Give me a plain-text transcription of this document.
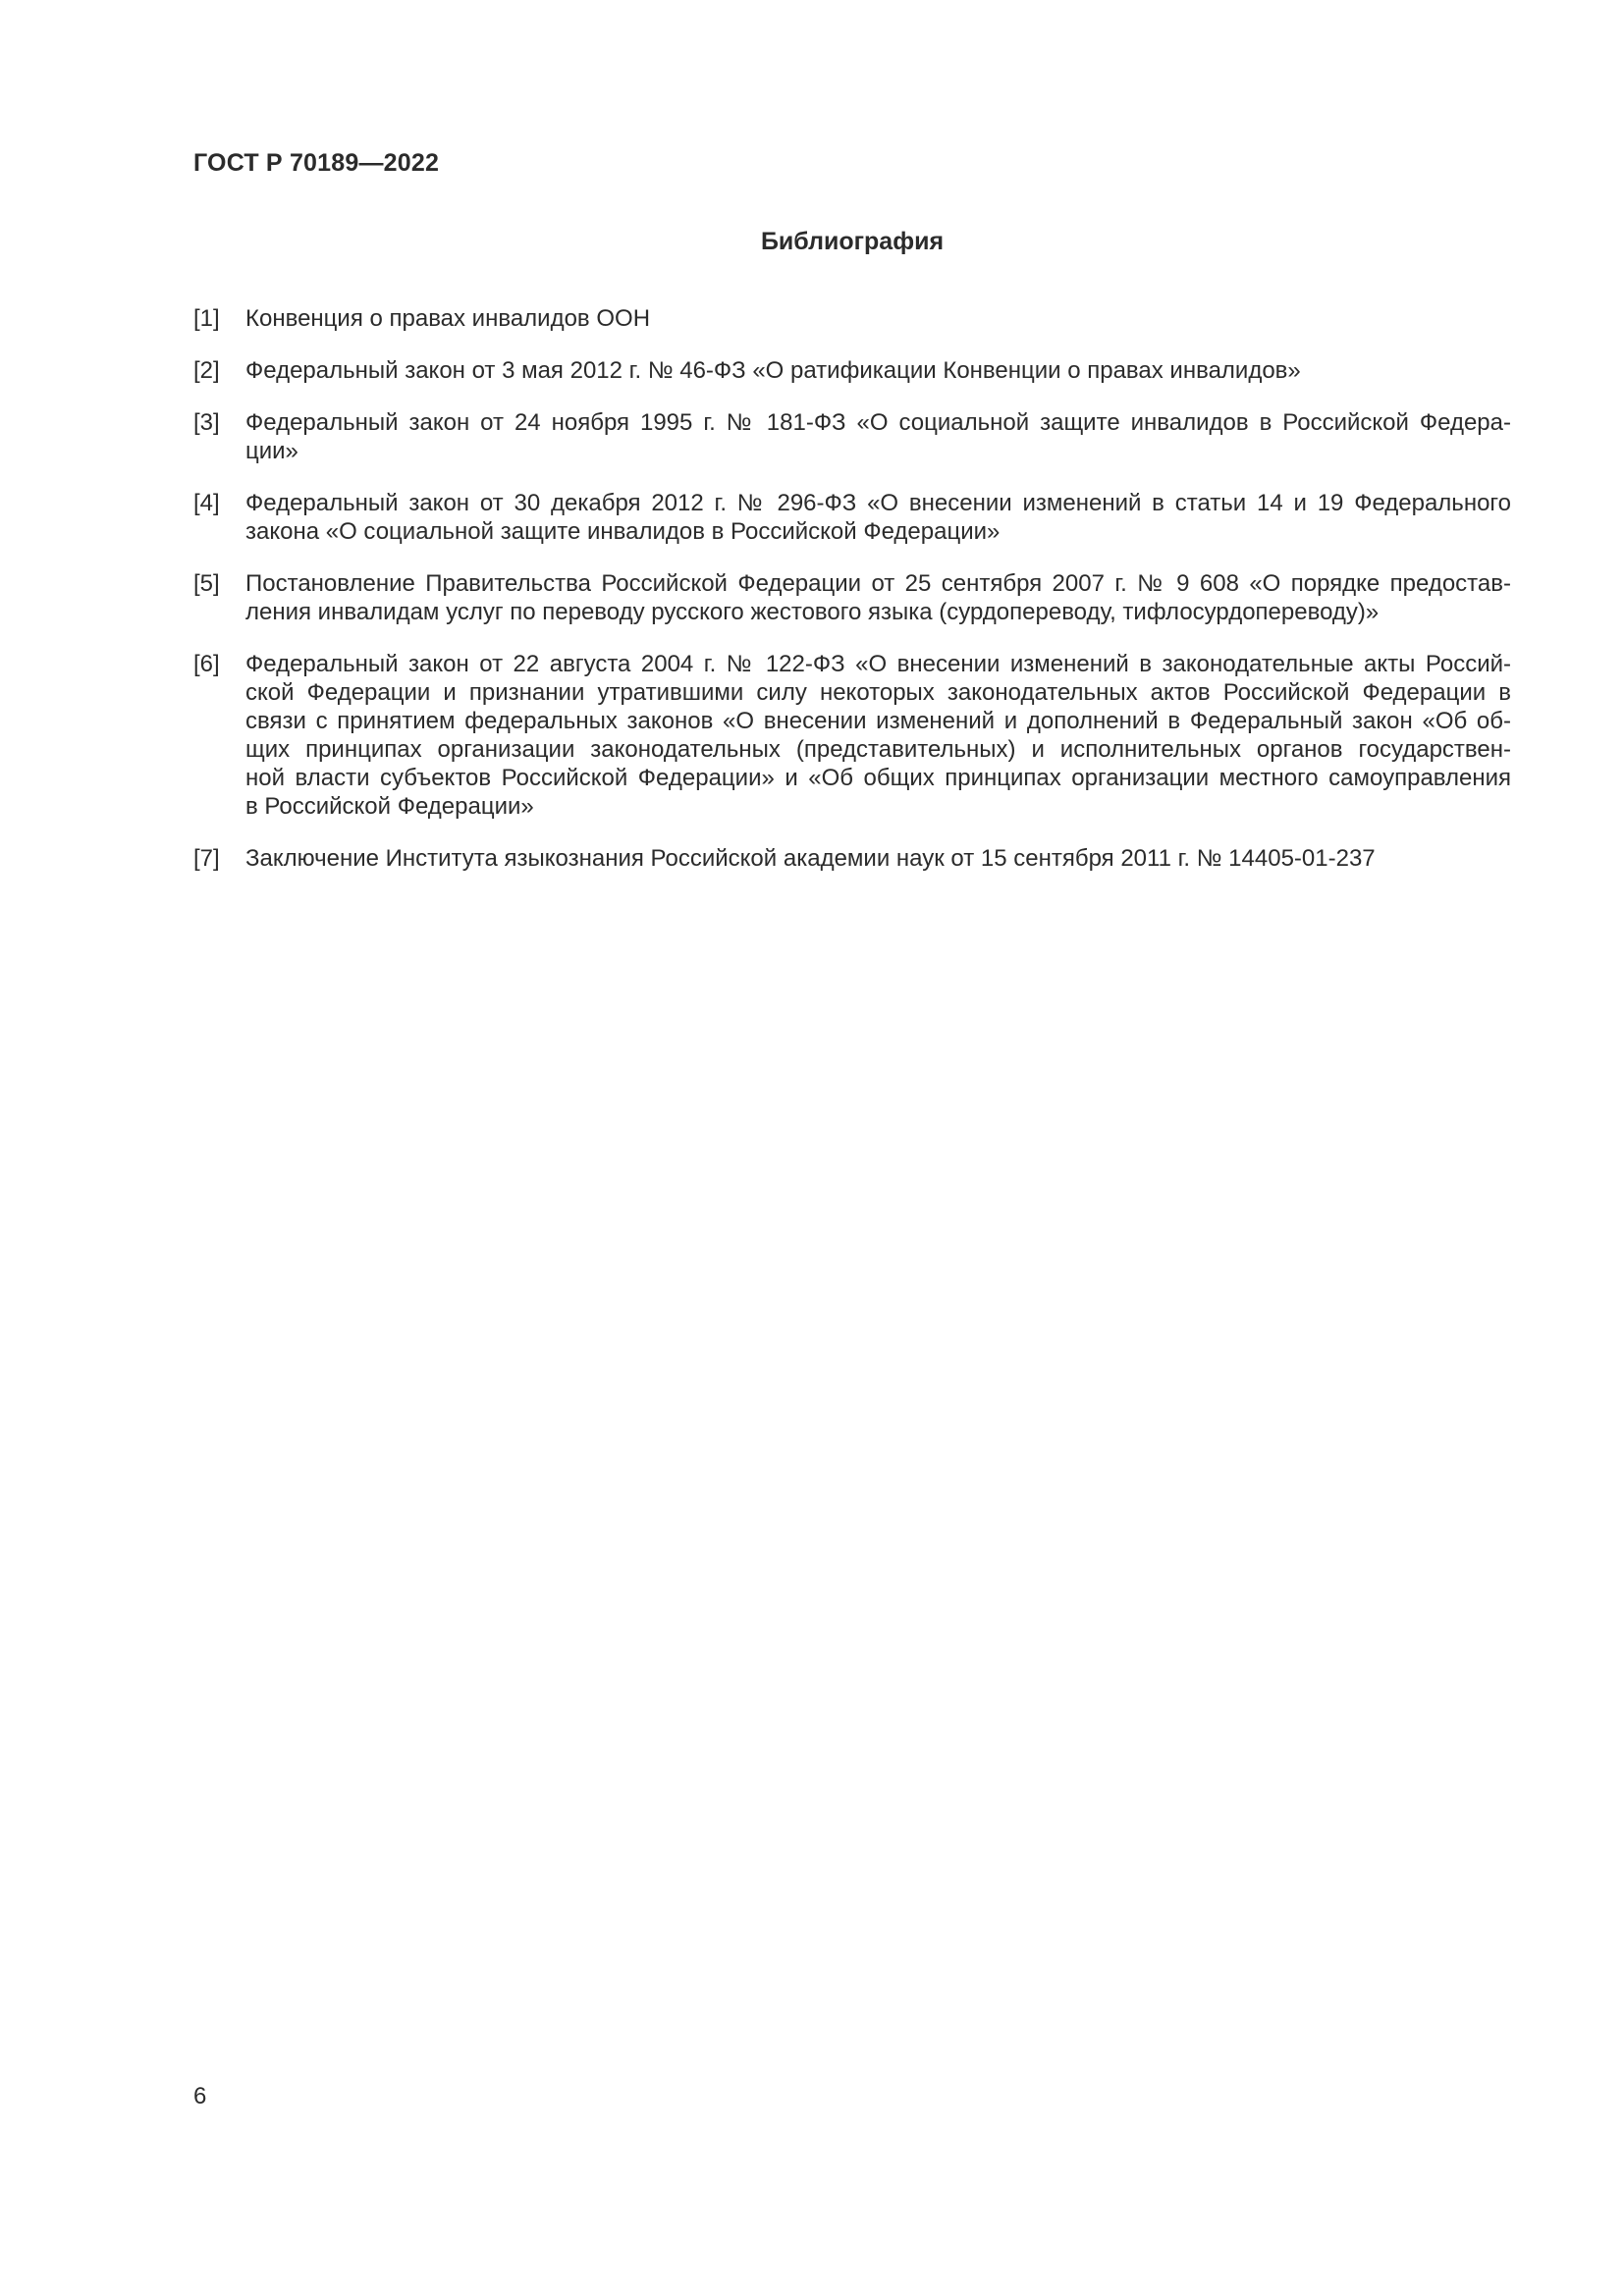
ГОСТ Р 70189—2022
Библиография
[1]	Конвенция о правах инвалидов ООН
[2]	Федеральный закон от 3 мая 2012 г. № 46-ФЗ «О ратификации Конвенции о правах инвалидов»
[3]	Федеральный закон от 24 ноября 1995 г. № 181-ФЗ «О социальной защите инвалидов в Российской Федера-
ции»
[4]	Федеральный закон от 30 декабря 2012 г. № 296-ФЗ «О внесении изменений в статьи 14 и 19 Федерального
закона «О социальной защите инвалидов в Российской Федерации»
[5]	Постановление Правительства Российской Федерации от 25 сентября 2007 г. № 9 608 «О порядке предостав-
ления инвалидам услуг по переводу русского жестового языка (сурдопереводу, тифлосурдопереводу)»
[6]	Федеральный закон от 22 августа 2004 г. № 122-ФЗ «О внесении изменений в законодательные акты Россий-
ской Федерации и признании утратившими силу некоторых законодательных актов Российской Федерации в
связи с принятием федеральных законов «О внесении изменений и дополнений в Федеральный закон «Об об-
щих принципах организации законодательных (представительных) и исполнительных органов государствен-
ной власти субъектов Российской Федерации» и «Об общих принципах организации местного самоуправления
в Российской Федерации»
[7]	Заключение Института языкознания Российской академии наук от 15 сентября 2011 г. № 14405-01-237
6
